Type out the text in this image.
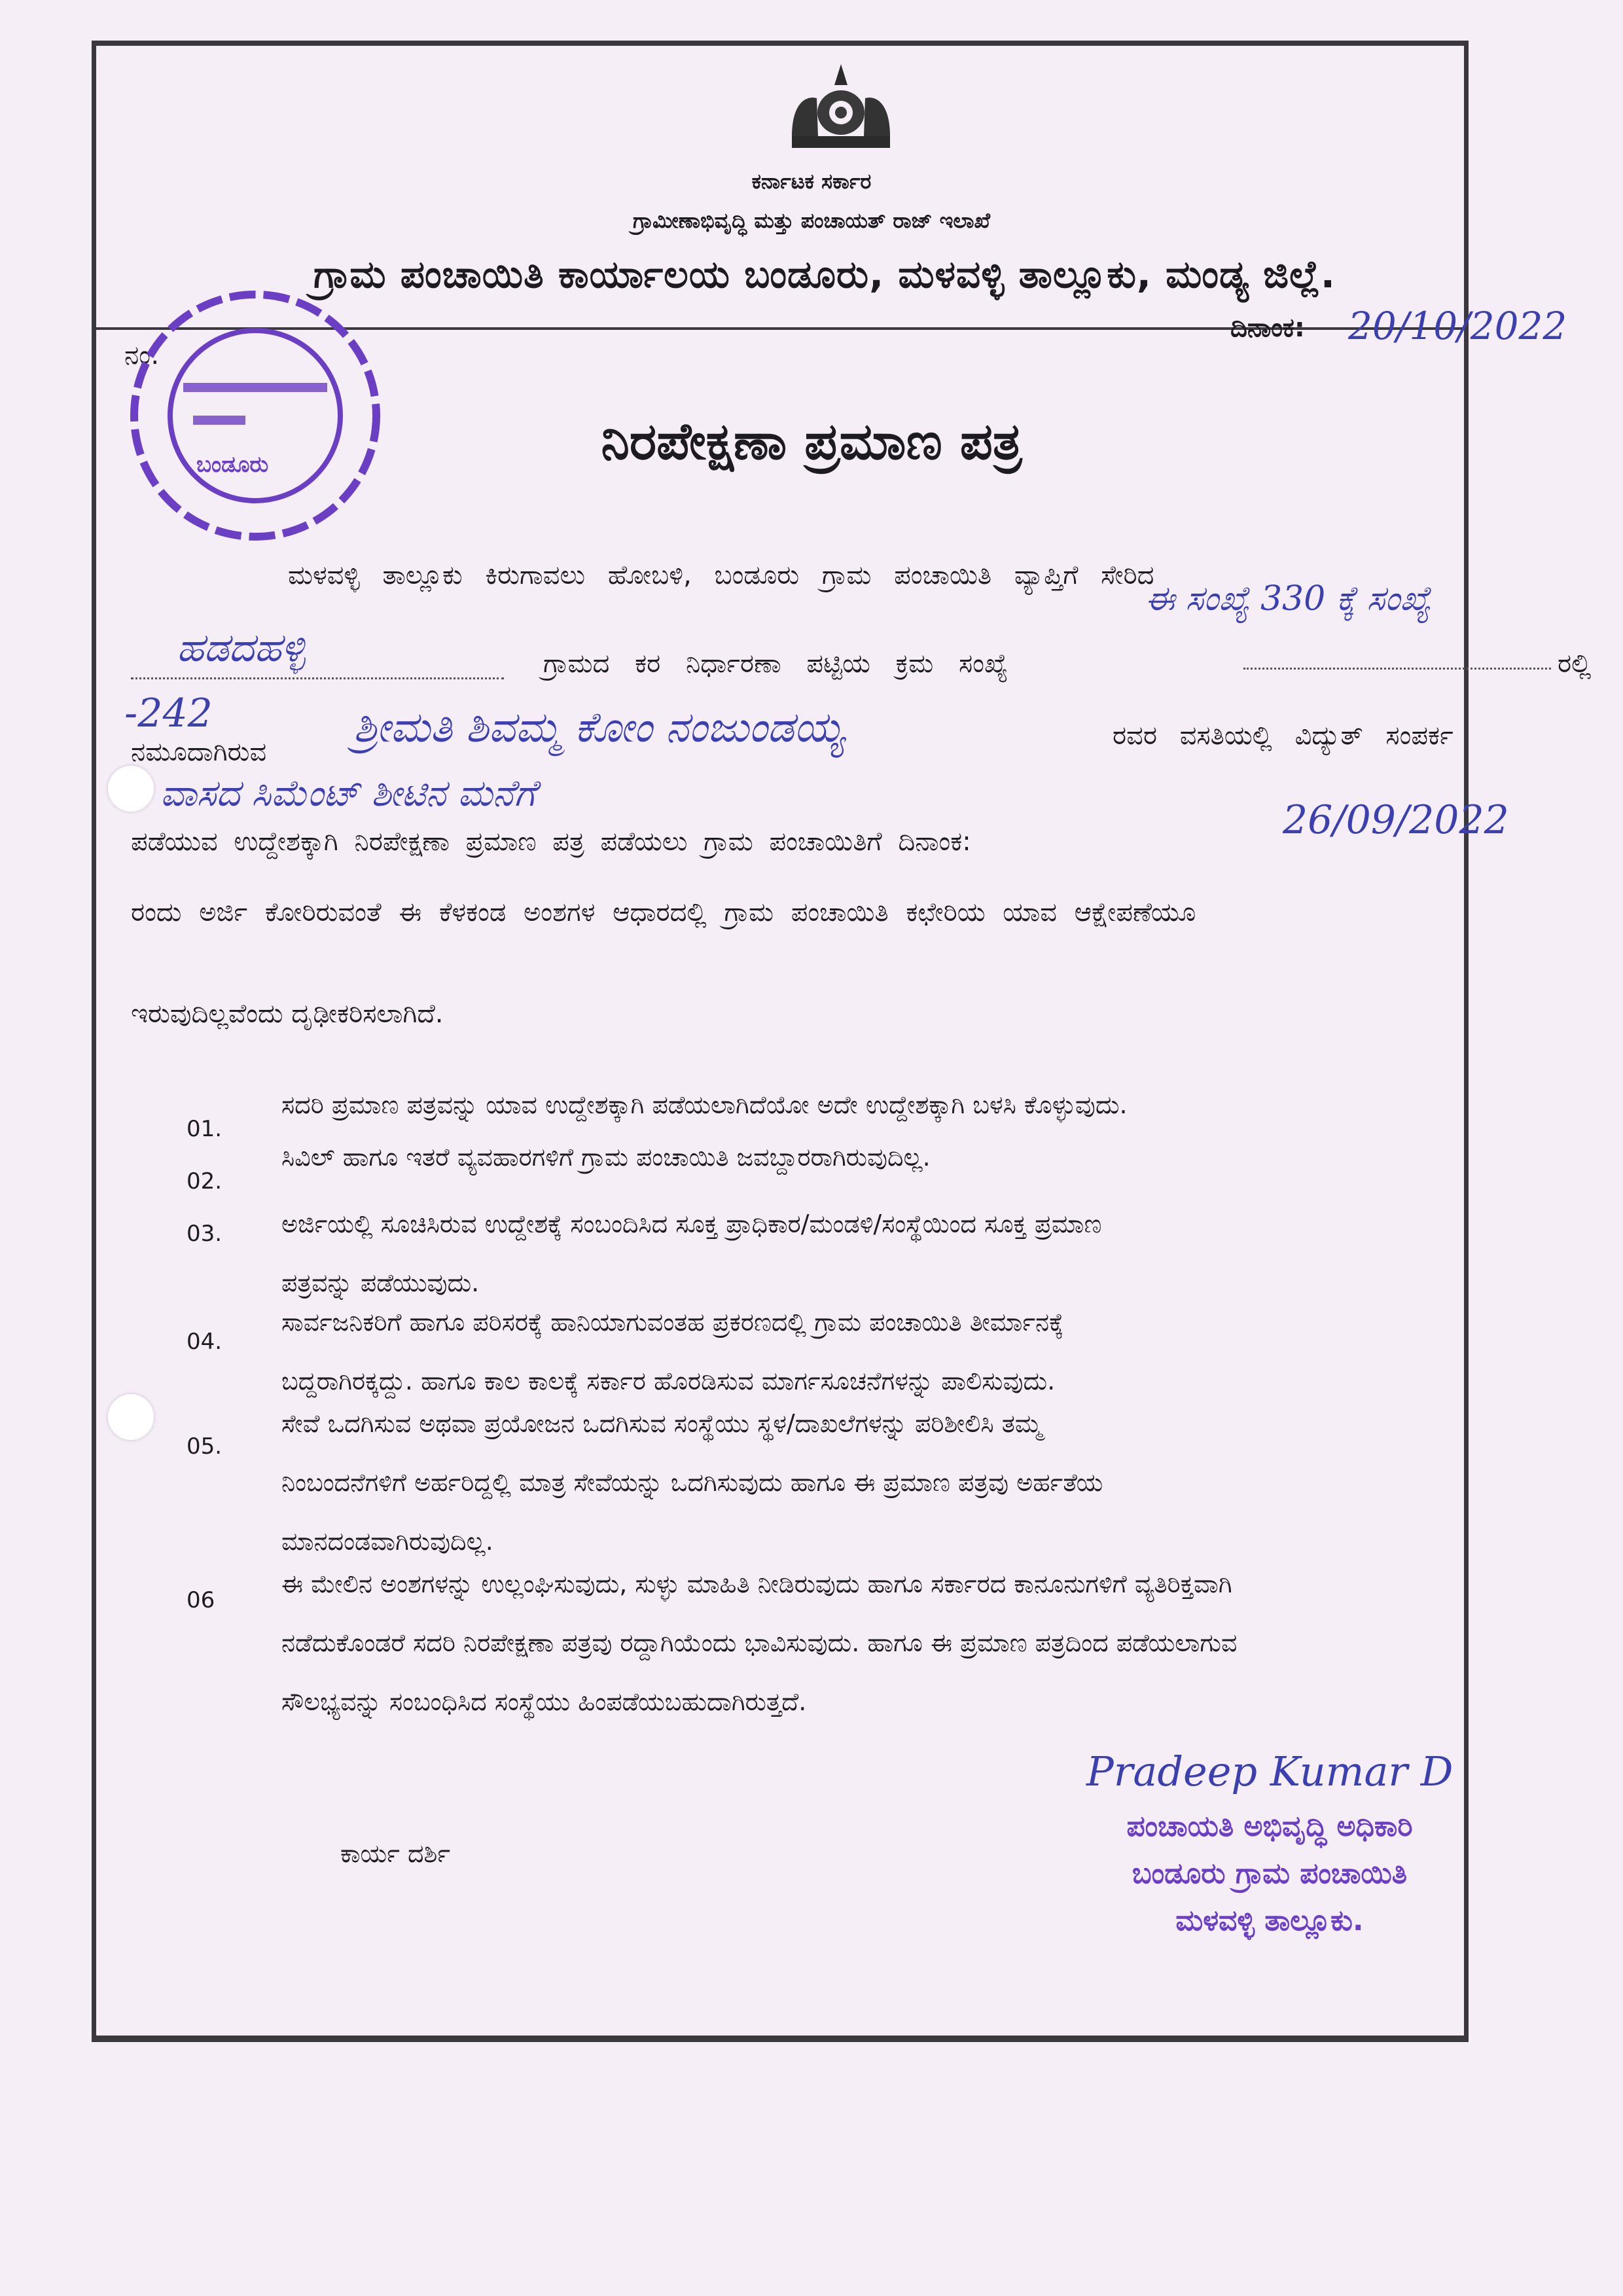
ಕರ್ನಾಟಕ ಸರ್ಕಾರ
ಗ್ರಾಮೀಣಾಭಿವೃದ್ಧಿ ಮತ್ತು ಪಂಚಾಯತ್ ರಾಜ್ ಇಲಾಖೆ
ಗ್ರಾಮ ಪಂಚಾಯಿತಿ ಕಾರ್ಯಾಲಯ ಬಂಡೂರು, ಮಳವಳ್ಳಿ ತಾಲ್ಲೂಕು, ಮಂಡ್ಯ ಜಿಲ್ಲೆ.
ನಂ:
ದಿನಾಂಕ: 20/10/2022
ಬಂಡೂರು	ನಿರಪೇಕ್ಷಣಾ ಪ್ರಮಾಣ ಪತ್ರ
ಮಳವಳ್ಳಿ ತಾಲ್ಲೂಕು ಕಿರುಗಾವಲು ಹೋಬಳಿ, ಬಂಡೂರು ಗ್ರಾಮ ಪಂಚಾಯಿತಿ ವ್ಯಾಪ್ತಿಗೆ ಸೇರಿದ
ಈ ಸಂಖ್ಯೆ 330 ಕ್ಕೆ ಸಂಖ್ಯೆ
ಹಡದಹಳ್ಳಿ	ಗ್ರಾಮದ ಕರ ನಿರ್ಧಾರಣಾ ಪಟ್ಟಿಯ ಕ್ರಮ ಸಂಖ್ಯೆ	ರಲ್ಲಿ
-242
ನಮೂದಾಗಿರುವ ಶ್ರೀಮತಿ ಶಿವಮ್ಮ ಕೋಂ ನಂಜುಂಡಯ್ಯ	ರವರ ವಸತಿಯಲ್ಲಿ ವಿದ್ಯುತ್ ಸಂಪರ್ಕ
ವಾಸದ ಸಿಮೆಂಟ್ ಶೀಟಿನ ಮನೆಗೆ
ಪಡೆಯುವ ಉದ್ದೇಶಕ್ಕಾಗಿ ನಿರಪೇಕ್ಷಣಾ ಪ್ರಮಾಣ ಪತ್ರ ಪಡೆಯಲು ಗ್ರಾಮ ಪಂಚಾಯಿತಿಗೆ ದಿನಾಂಕ:	26/09/2022
ರಂದು ಅರ್ಜಿ ಕೋರಿರುವಂತೆ ಈ ಕೆಳಕಂಡ ಅಂಶಗಳ ಆಧಾರದಲ್ಲಿ ಗ್ರಾಮ ಪಂಚಾಯಿತಿ ಕಛೇರಿಯ ಯಾವ ಆಕ್ಷೇಪಣೆಯೂ
ಇರುವುದಿಲ್ಲವೆಂದು ದೃಢೀಕರಿಸಲಾಗಿದೆ.
01.
ಸದರಿ ಪ್ರಮಾಣ ಪತ್ರವನ್ನು ಯಾವ ಉದ್ದೇಶಕ್ಕಾಗಿ ಪಡೆಯಲಾಗಿದೆಯೋ ಅದೇ ಉದ್ದೇಶಕ್ಕಾಗಿ ಬಳಸಿ ಕೊಳ್ಳುವುದು.
02.
ಸಿವಿಲ್ ಹಾಗೂ ಇತರೆ ವ್ಯವಹಾರಗಳಿಗೆ ಗ್ರಾಮ ಪಂಚಾಯಿತಿ ಜವಬ್ದಾರರಾಗಿರುವುದಿಲ್ಲ.
03. ಅರ್ಜಿಯಲ್ಲಿ ಸೂಚಿಸಿರುವ ಉದ್ದೇಶಕ್ಕೆ ಸಂಬಂದಿಸಿದ ಸೂಕ್ತ ಪ್ರಾಧಿಕಾರ/ಮಂಡಳಿ/ಸಂಸ್ಥೆಯಿಂದ ಸೂಕ್ತ ಪ್ರಮಾಣ
ಪತ್ರವನ್ನು ಪಡೆಯುವುದು.
04.
ಸಾರ್ವಜನಿಕರಿಗೆ ಹಾಗೂ ಪರಿಸರಕ್ಕೆ ಹಾನಿಯಾಗುವಂತಹ ಪ್ರಕರಣದಲ್ಲಿ ಗ್ರಾಮ ಪಂಚಾಯಿತಿ ತೀರ್ಮಾನಕ್ಕೆ
ಬದ್ದರಾಗಿರಕ್ಕದ್ದು. ಹಾಗೂ ಕಾಲ ಕಾಲಕ್ಕೆ ಸರ್ಕಾರ ಹೊರಡಿಸುವ ಮಾರ್ಗಸೂಚನೆಗಳನ್ನು ಪಾಲಿಸುವುದು.
05.
ಸೇವೆ ಒದಗಿಸುವ ಅಥವಾ ಪ್ರಯೋಜನ ಒದಗಿಸುವ ಸಂಸ್ಥೆಯು ಸ್ಥಳ/ದಾಖಲೆಗಳನ್ನು ಪರಿಶೀಲಿಸಿ ತಮ್ಮ
ನಿಂಬಂದನೆಗಳಿಗೆ ಅರ್ಹರಿದ್ದಲ್ಲಿ ಮಾತ್ರ ಸೇವೆಯನ್ನು ಒದಗಿಸುವುದು ಹಾಗೂ ಈ ಪ್ರಮಾಣ ಪತ್ರವು ಅರ್ಹತೆಯ
ಮಾನದಂಡವಾಗಿರುವುದಿಲ್ಲ.
06
ಈ ಮೇಲಿನ ಅಂಶಗಳನ್ನು ಉಲ್ಲಂಘಿಸುವುದು, ಸುಳ್ಳು ಮಾಹಿತಿ ನೀಡಿರುವುದು ಹಾಗೂ ಸರ್ಕಾರದ ಕಾನೂನುಗಳಿಗೆ ವ್ಯತಿರಿಕ್ತವಾಗಿ
ನಡೆದುಕೊಂಡರೆ ಸದರಿ ನಿರಪೇಕ್ಷಣಾ ಪತ್ರವು ರದ್ದಾಗಿಯೆಂದು ಭಾವಿಸುವುದು. ಹಾಗೂ ಈ ಪ್ರಮಾಣ ಪತ್ರದಿಂದ ಪಡೆಯಲಾಗುವ
ಸೌಲಭ್ಯವನ್ನು ಸಂಬಂಧಿಸಿದ ಸಂಸ್ಥೆಯು ಹಿಂಪಡೆಯಬಹುದಾಗಿರುತ್ತದೆ.
ಕಾರ್ಯ ದರ್ಶಿ
Pradeep Kumar D
ಪಂಚಾಯತಿ ಅಭಿವೃದ್ಧಿ ಅಧಿಕಾರಿ
ಬಂಡೂರು ಗ್ರಾಮ ಪಂಚಾಯಿತಿ
ಮಳವಳ್ಳಿ ತಾಲ್ಲೂಕು.
